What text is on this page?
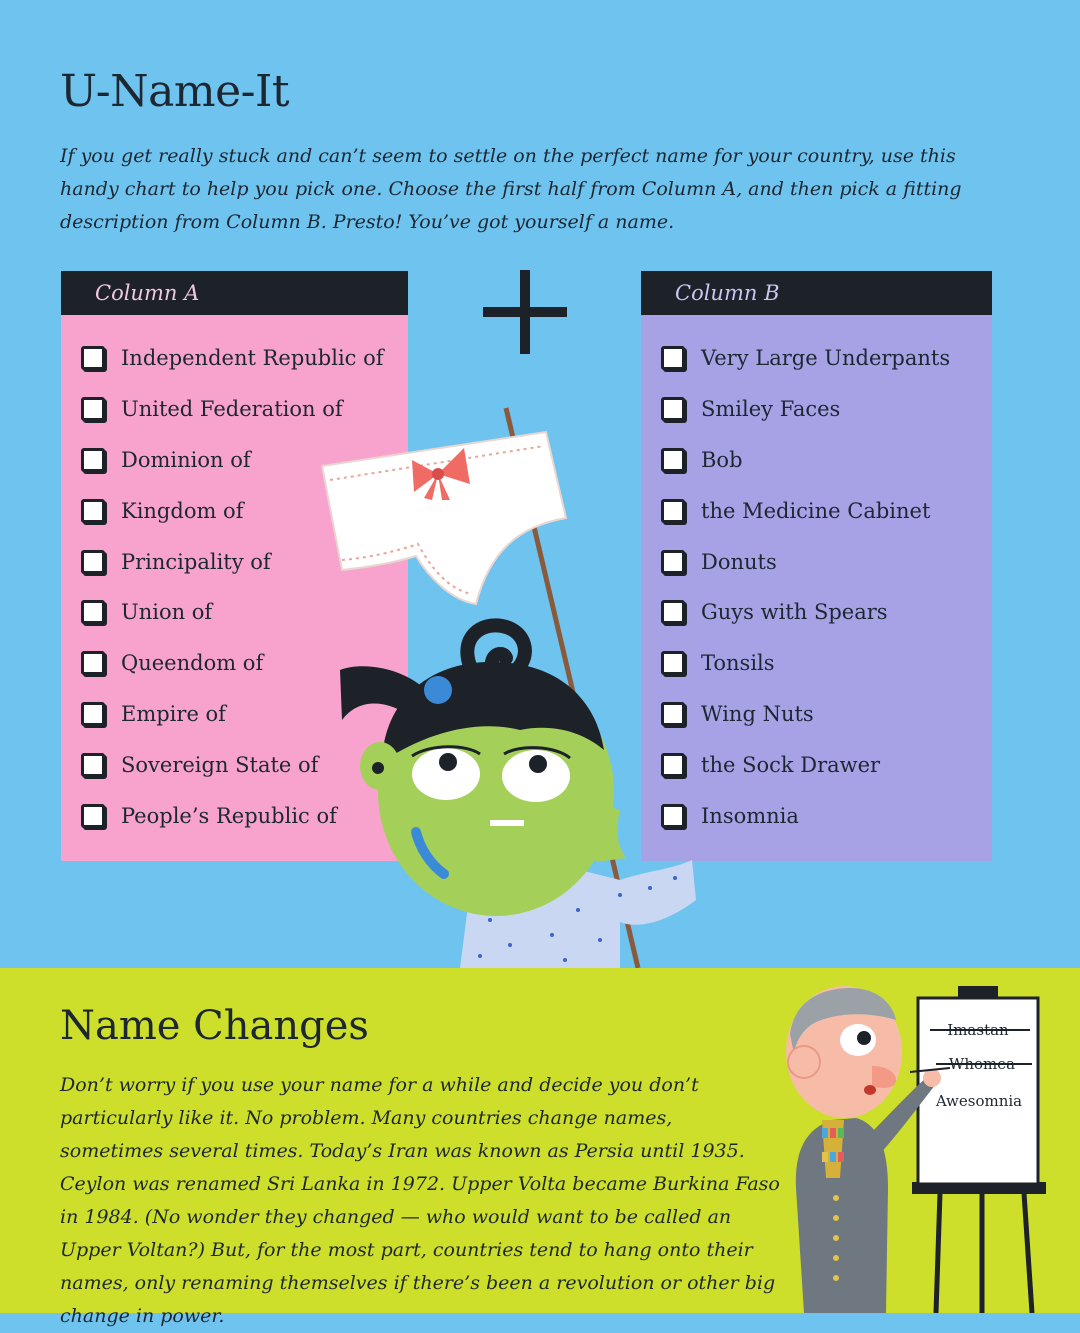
U-Name-It

If you get really stuck and can’t seem to settle on the perfect name for your country, use this handy chart to help you pick one. Choose the first half from Column A, and then pick a fitting description from Column B. Presto! You’ve got yourself a name.

Column A
Independent Republic of
United Federation of
Dominion of
Kingdom of
Principality of
Union of
Queendom of
Empire of
Sovereign State of
People’s Republic of
Column B
Very Large Underpants
Smiley Faces
Bob
the Medicine Cabinet
Donuts
Guys with Spears
Tonsils
Wing Nuts
the Sock Drawer
Insomnia
Name Changes

Don’t worry if you use your name for a while and decide you don’t particularly like it. No problem. Many countries change names, sometimes several times. Today’s Iran was known as Persia until 1935. Ceylon was renamed Sri Lanka in 1972. Upper Volta became Burkina Faso in 1984. (No wonder they changed — who would want to be called an Upper Voltan?) But, for the most part, countries tend to hang onto their names, only renaming themselves if there’s been a revolution or other big change in power.

Imastan
Whomea
Awesomnia
